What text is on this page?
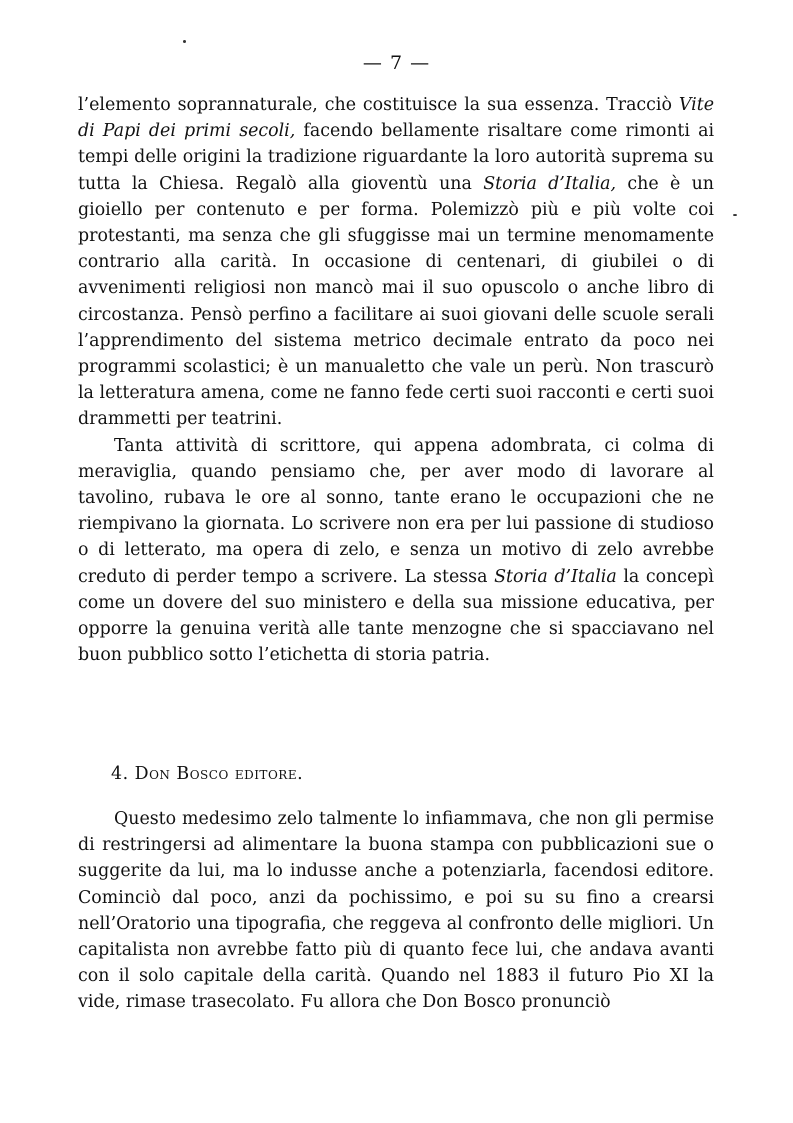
— 7 —

l’elemento soprannaturale, che costituisce la sua essenza. Tracciò Vite di Papi dei primi secoli, facendo bellamente risaltare come rimonti ai tempi delle origini la tradizione riguardante la loro autorità suprema su tutta la Chiesa. Regalò alla gioventù una Storia d’Italia, che è un gioiello per contenuto e per forma. Polemizzò più e più volte coi protestanti, ma senza che gli sfuggisse mai un termine menomamente contrario alla carità. In occasione di centenari, di giubilei o di avvenimenti religiosi non mancò mai il suo opuscolo o anche libro di circostanza. Pensò perfino a facilitare ai suoi giovani delle scuole serali l’apprendimento del sistema metrico decimale entrato da poco nei programmi scolastici; è un manualetto che vale un perù. Non trascurò la letteratura amena, come ne fanno fede certi suoi racconti e certi suoi drammetti per teatrini.

Tanta attività di scrittore, qui appena adombrata, ci colma di meraviglia, quando pensiamo che, per aver modo di lavorare al tavolino, rubava le ore al sonno, tante erano le occupazioni che ne riempivano la giornata. Lo scrivere non era per lui passione di studioso o di letterato, ma opera di zelo, e senza un motivo di zelo avrebbe creduto di perder tempo a scrivere. La stessa Storia d’Italia la concepì come un dovere del suo ministero e della sua missione educativa, per opporre la genuina verità alle tante menzogne che si spacciavano nel buon pubblico sotto l’etichetta di storia patria.

4. Don Bosco editore.

Questo medesimo zelo talmente lo infiammava, che non gli permise di restringersi ad alimentare la buona stampa con pubblicazioni sue o suggerite da lui, ma lo indusse anche a potenziarla, facendosi editore. Cominciò dal poco, anzi da pochissimo, e poi su su fino a crearsi nell’Oratorio una tipografia, che reggeva al confronto delle migliori. Un capitalista non avrebbe fatto più di quanto fece lui, che andava avanti con il solo capitale della carità. Quando nel 1883 il futuro Pio XI la vide, rimase trasecolato. Fu allora che Don Bosco pronunciò
